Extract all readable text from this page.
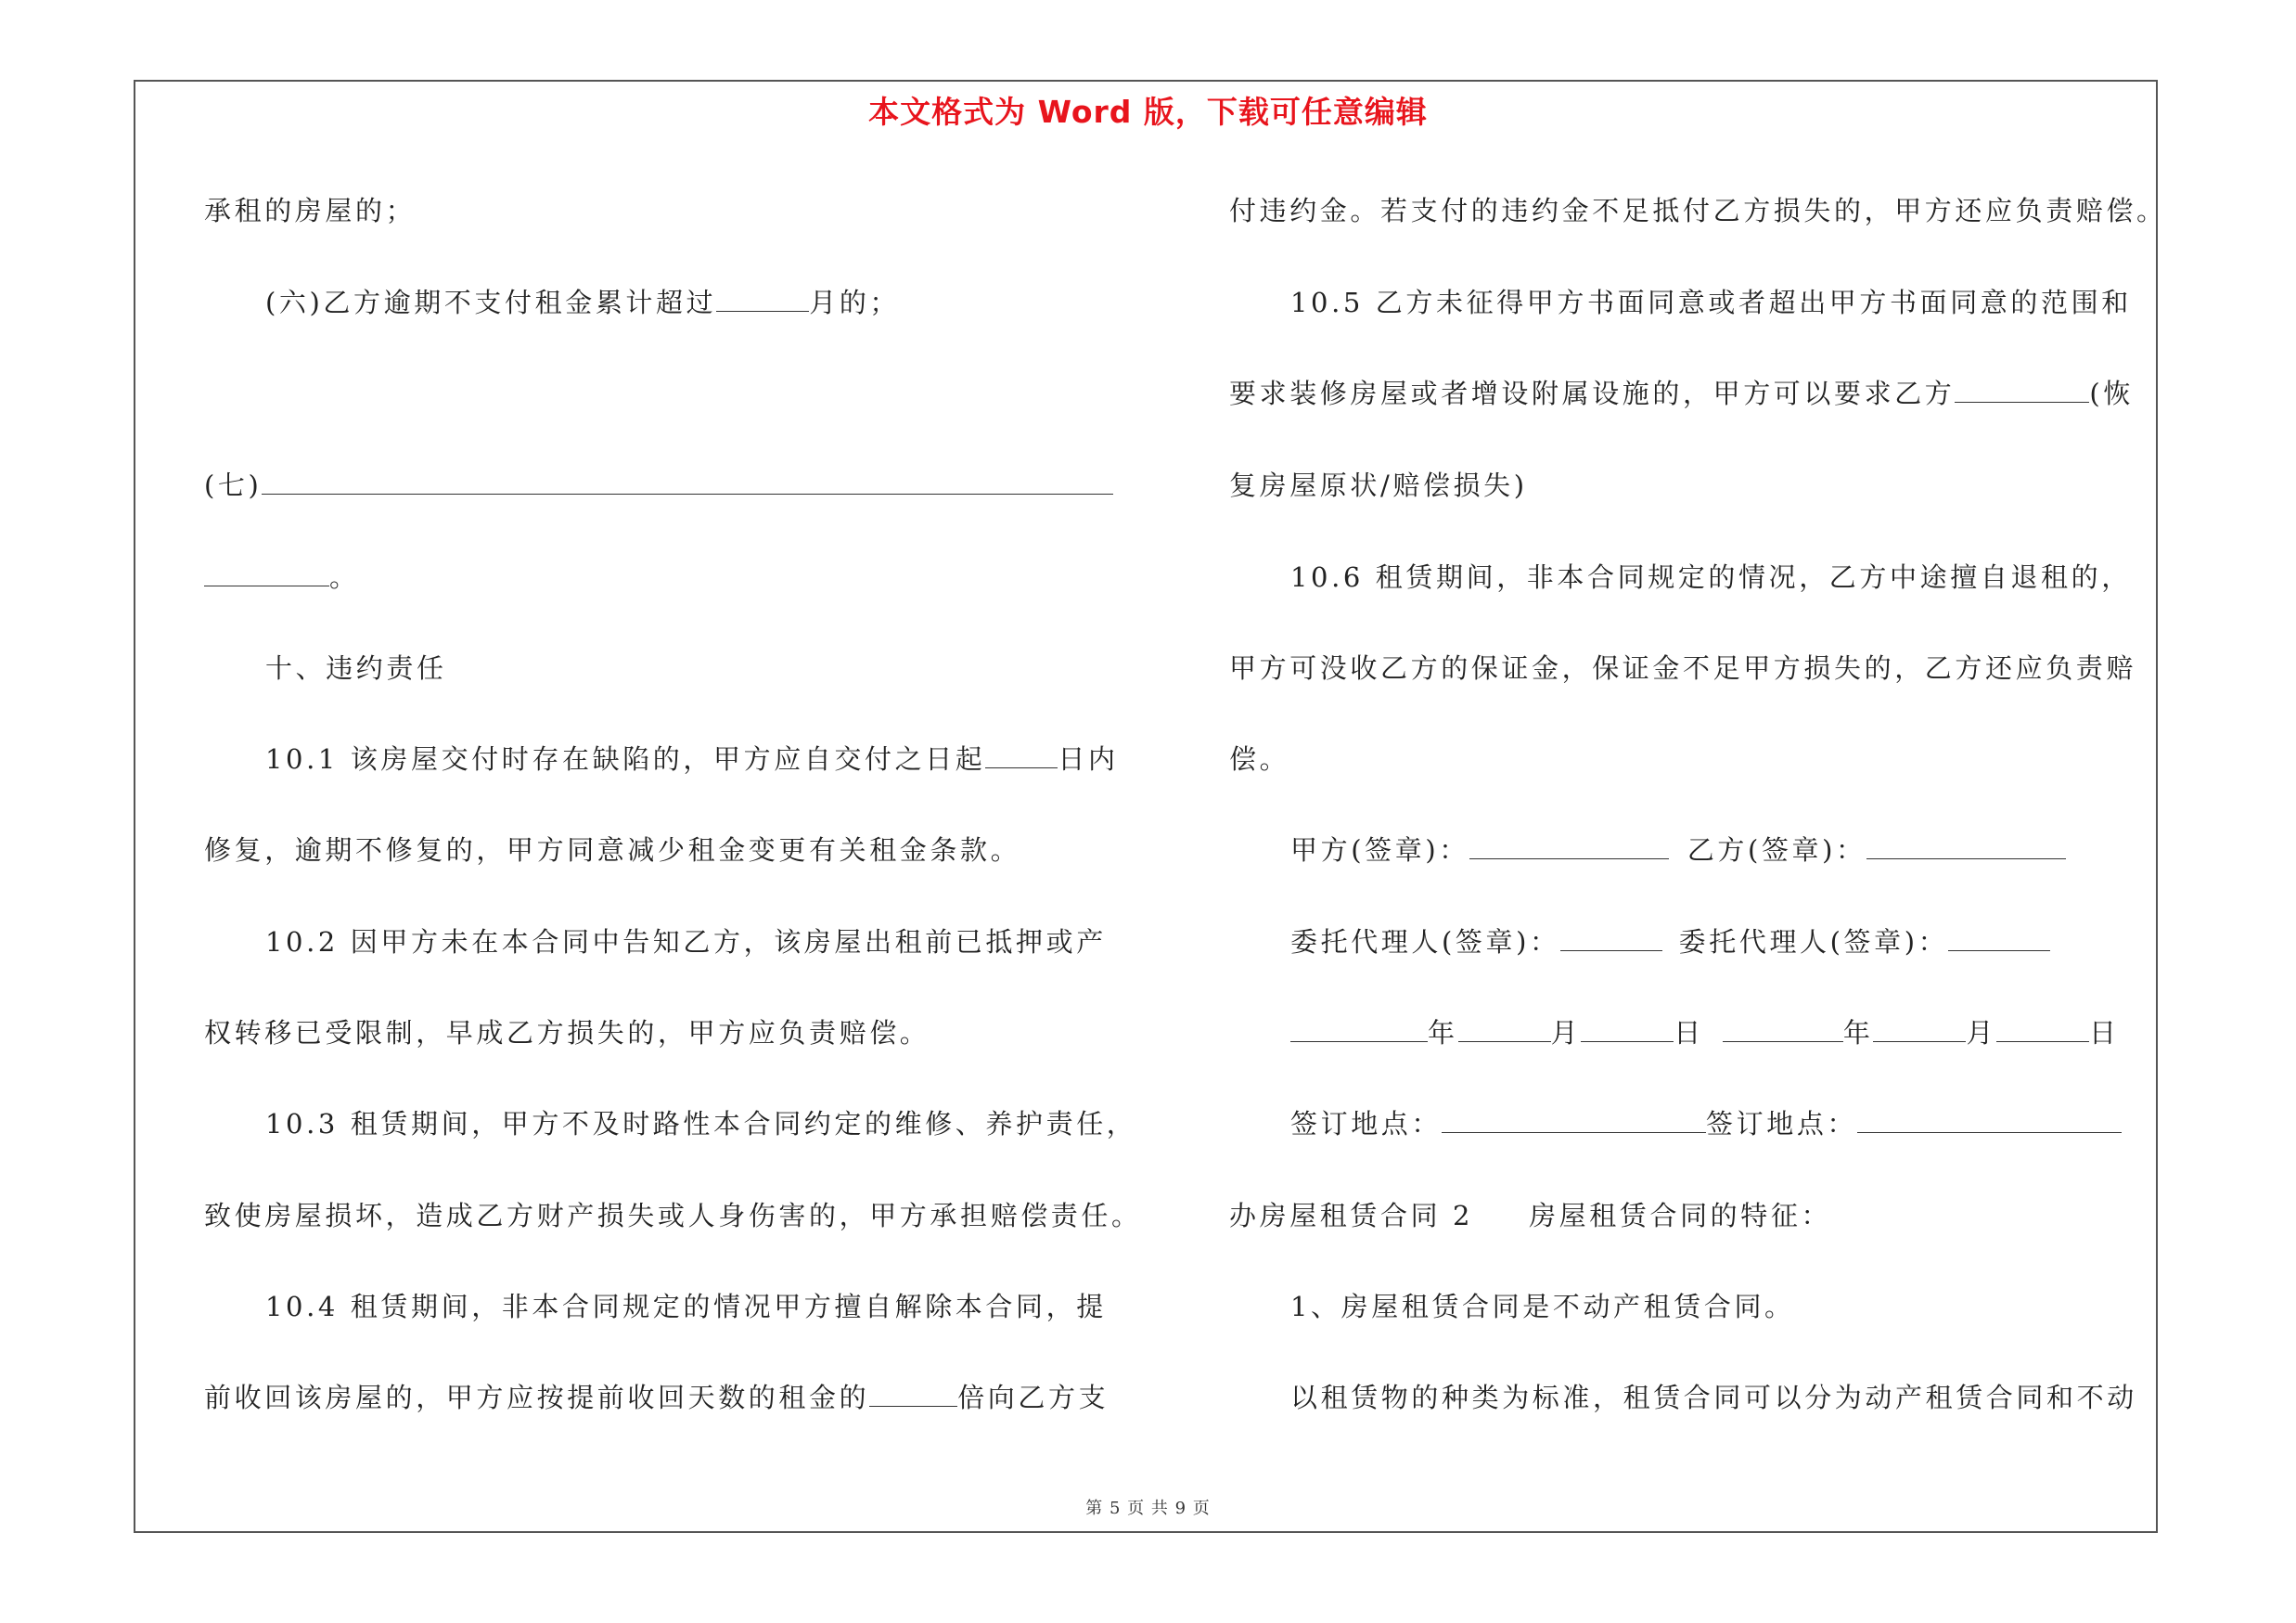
本文格式为 Word 版，下载可任意编辑
承租的房屋的；
(六)乙方逾期不支付租金累计超过	月的；
(七)
。
十、违约责任
10.1 该房屋交付时存在缺陷的，甲方应自交付之日起	日内
修复，逾期不修复的，甲方同意减少租金变更有关租金条款。
10.2 因甲方未在本合同中告知乙方，该房屋出租前已抵押或产
权转移已受限制，早成乙方损失的，甲方应负责赔偿。
10.3 租赁期间，甲方不及时路性本合同约定的维修、养护责任，
致使房屋损坏，造成乙方财产损失或人身伤害的，甲方承担赔偿责任。
10.4 租赁期间，非本合同规定的情况甲方擅自解除本合同，提
前收回该房屋的，甲方应按提前收回天数的租金的	倍向乙方支
付违约金。若支付的违约金不足抵付乙方损失的，甲方还应负责赔偿。
10.5 乙方未征得甲方书面同意或者超出甲方书面同意的范围和
要求装修房屋或者增设附属设施的，甲方可以要求乙方	(恢
复房屋原状/赔偿损失)
10.6 租赁期间，非本合同规定的情况，乙方中途擅自退租的，
甲方可没收乙方的保证金，保证金不足甲方损失的，乙方还应负责赔
偿。
甲方(签章)：	乙方(签章)：
委托代理人(签章)：	委托代理人(签章)：
年	月	日	年	月	日
签订地点：	签订地点：
办房屋租赁合同 2 房屋租赁合同的特征：
1、房屋租赁合同是不动产租赁合同。
以租赁物的种类为标准，租赁合同可以分为动产租赁合同和不动
第 5 页 共 9 页
